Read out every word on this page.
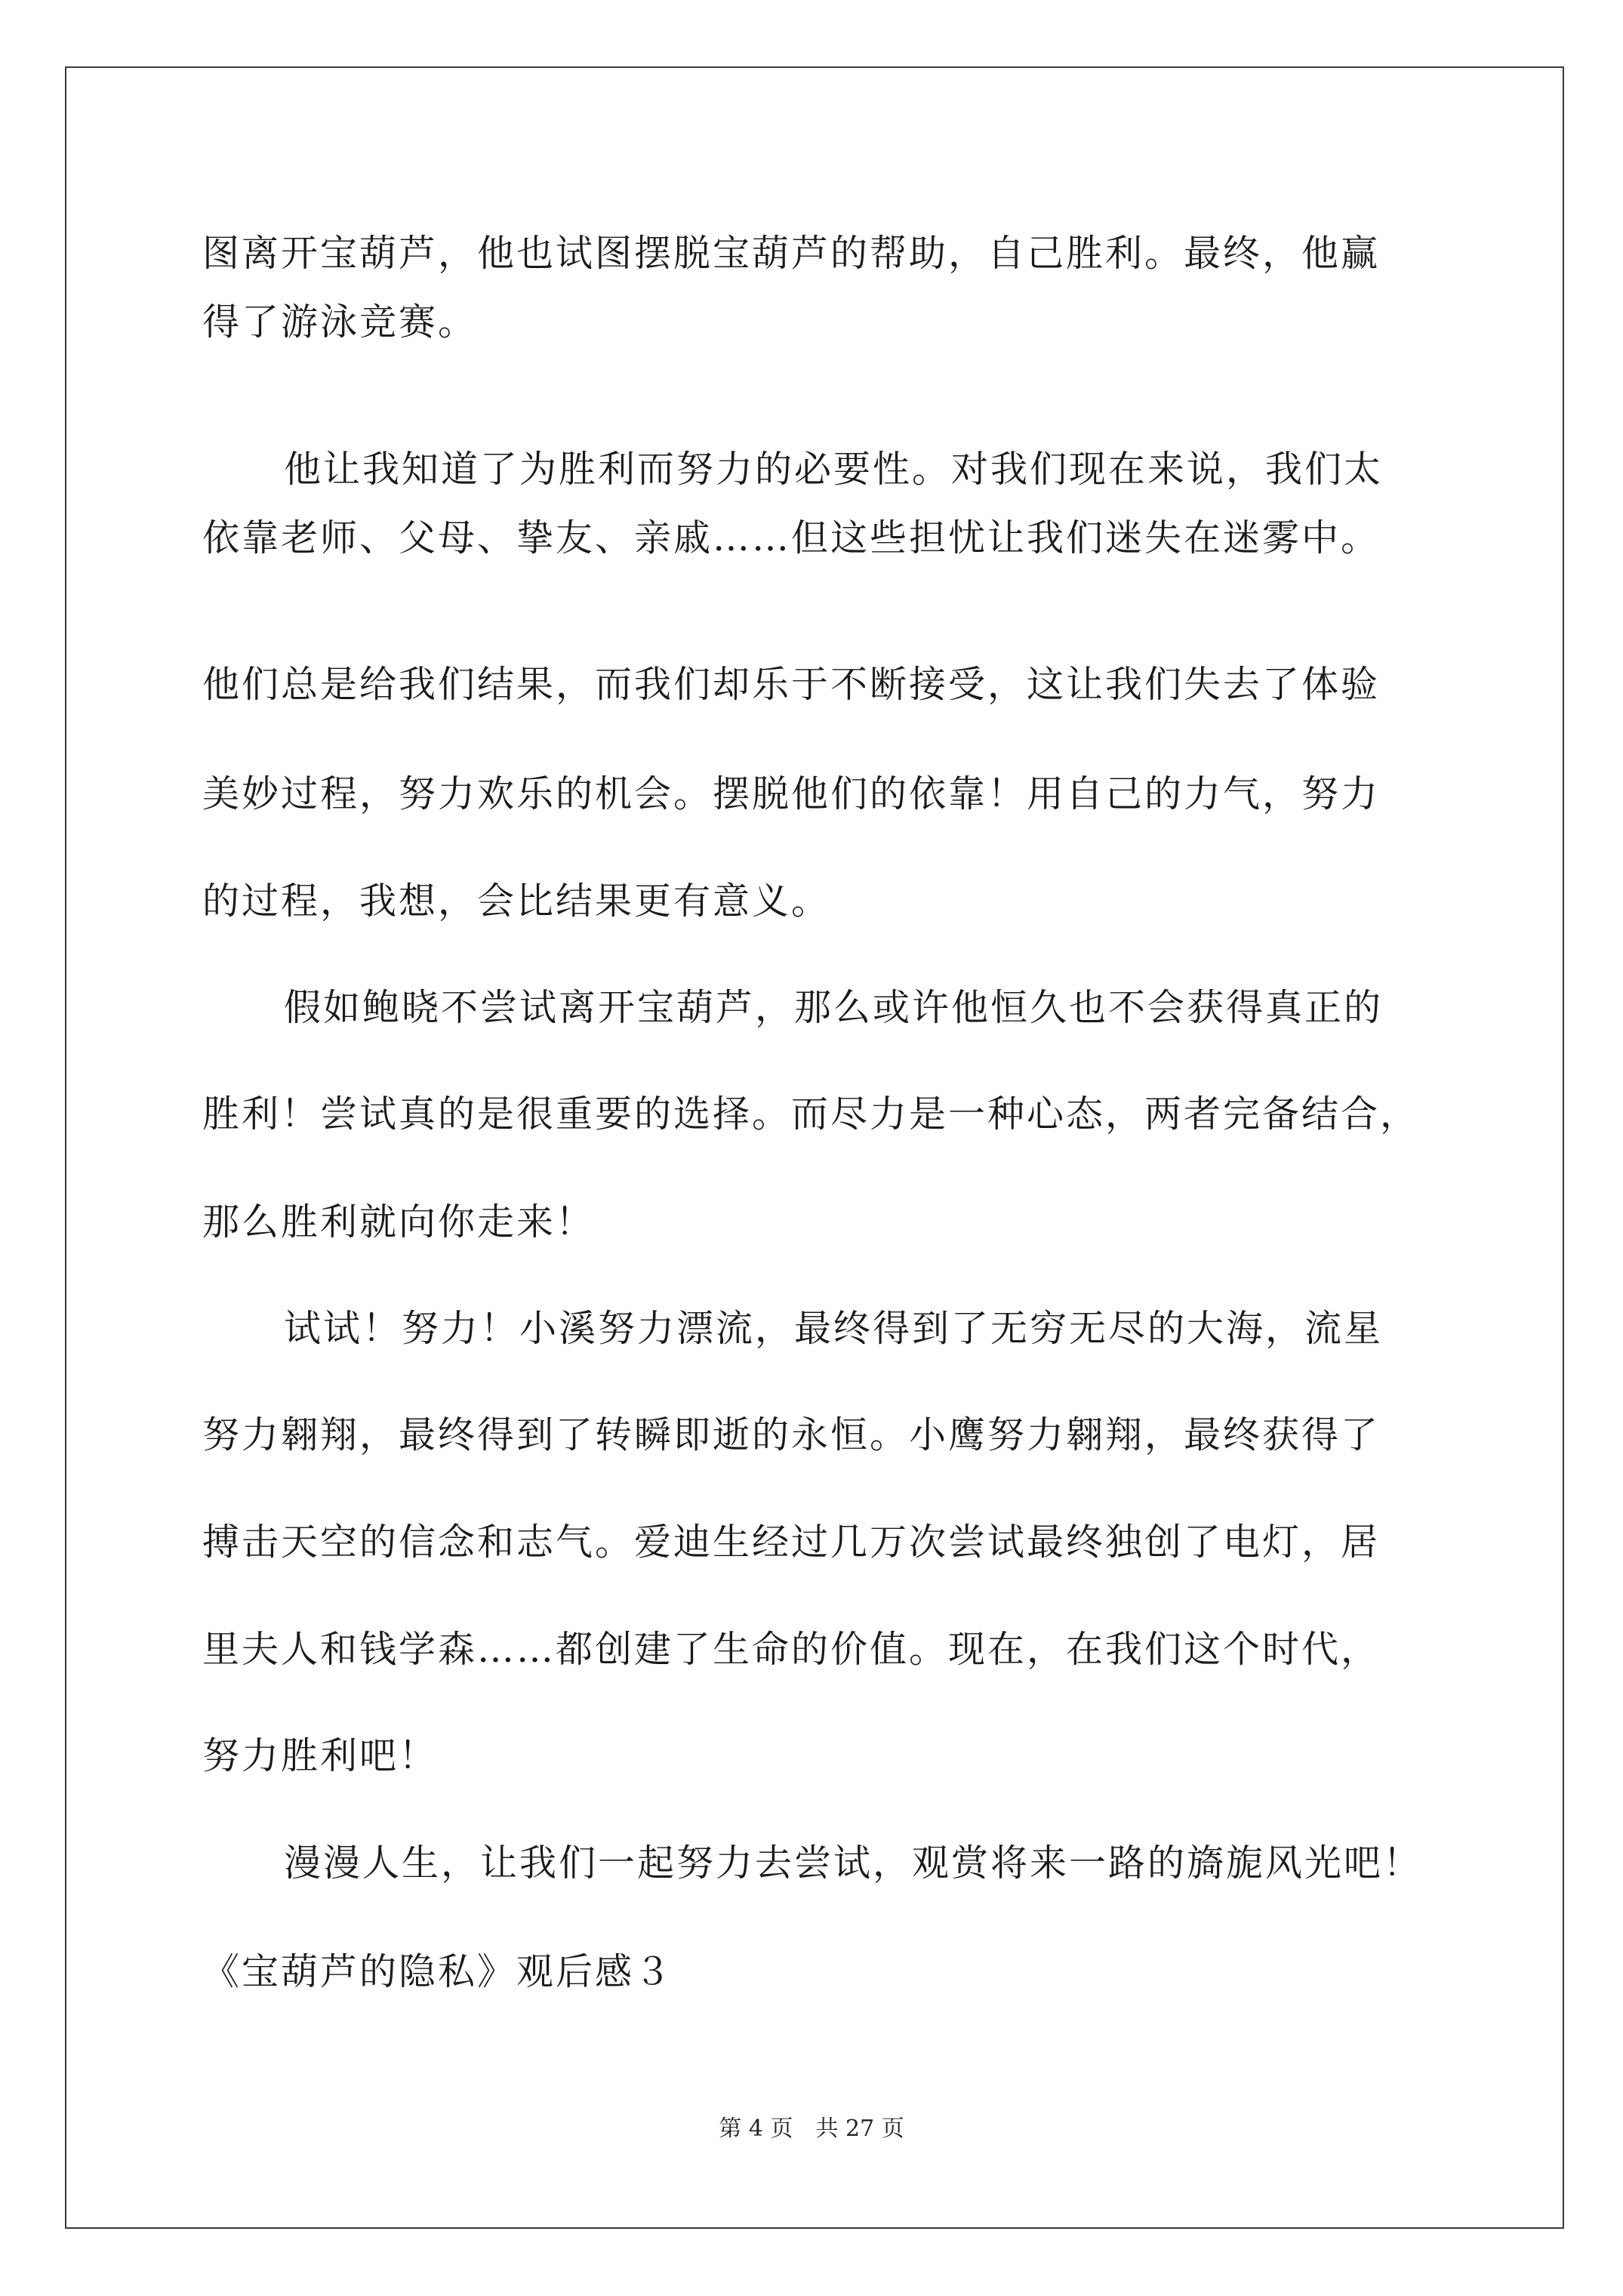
图离开宝葫芦，他也试图摆脱宝葫芦的帮助，自己胜利。最终，他赢
得了游泳竞赛。
他让我知道了为胜利而努力的必要性。对我们现在来说，我们太
依靠老师、父母、挚友、亲戚……但这些担忧让我们迷失在迷雾中。
他们总是给我们结果，而我们却乐于不断接受，这让我们失去了体验
美妙过程，努力欢乐的机会。摆脱他们的依靠！用自己的力气，努力
的过程，我想，会比结果更有意义。
假如鲍晓不尝试离开宝葫芦，那么或许他恒久也不会获得真正的
胜利！尝试真的是很重要的选择。而尽力是一种心态，两者完备结合，
那么胜利就向你走来！
试试！努力！小溪努力漂流，最终得到了无穷无尽的大海，流星
努力翱翔，最终得到了转瞬即逝的永恒。小鹰努力翱翔，最终获得了
搏击天空的信念和志气。爱迪生经过几万次尝试最终独创了电灯，居
里夫人和钱学森……都创建了生命的价值。现在，在我们这个时代，
努力胜利吧！
漫漫人生，让我们一起努力去尝试，观赏将来一路的旖旎风光吧！
《宝葫芦的隐私》观后感３
第 4 页 共 27 页
